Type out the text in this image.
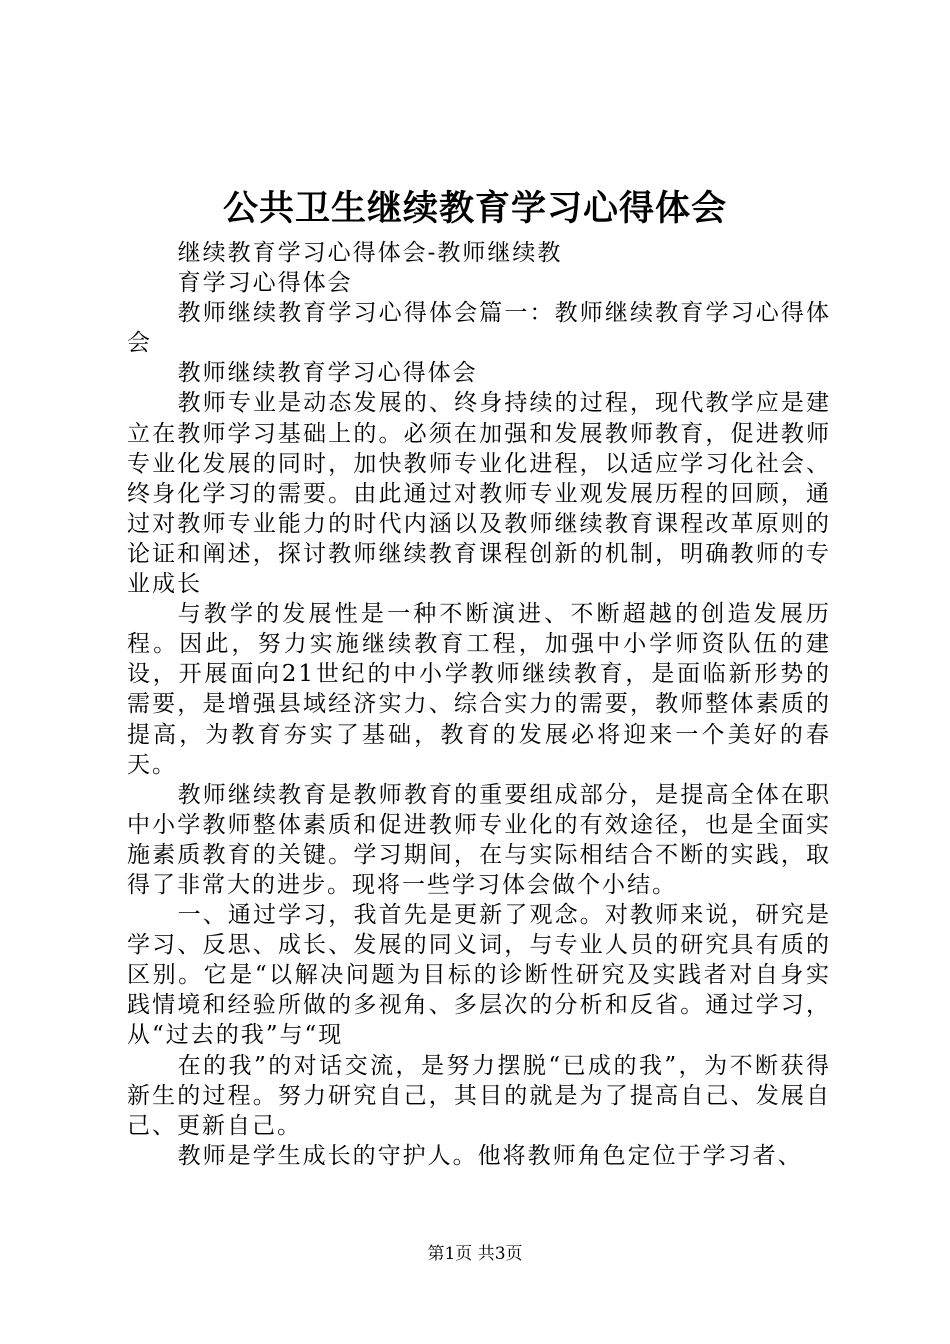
公共卫生继续教育学习心得体会

继续教育学习心得体会-教师继续教

育学习心得体会

教师继续教育学习心得体会篇一：教师继续教育学习心得体会

教师继续教育学习心得体会

教师专业是动态发展的、终身持续的过程，现代教学应是建立在教师学习基础上的。必须在加强和发展教师教育，促进教师专业化发展的同时，加快教师专业化进程，以适应学习化社会、终身化学习的需要。由此通过对教师专业观发展历程的回顾，通过对教师专业能力的时代内涵以及教师继续教育课程改革原则的论证和阐述，探讨教师继续教育课程创新的机制，明确教师的专业成长

与教学的发展性是一种不断演进、不断超越的创造发展历程。因此，努力实施继续教育工程，加强中小学师资队伍的建设，开展面向21世纪的中小学教师继续教育，是面临新形势的需要，是增强县域经济实力、综合实力的需要，教师整体素质的提高，为教育夯实了基础，教育的发展必将迎来一个美好的春天。

教师继续教育是教师教育的重要组成部分，是提高全体在职中小学教师整体素质和促进教师专业化的有效途径，也是全面实施素质教育的关键。学习期间，在与实际相结合不断的实践，取得了非常大的进步。现将一些学习体会做个小结。

一、通过学习，我首先是更新了观念。对教师来说，研究是学习、反思、成长、发展的同义词，与专业人员的研究具有质的区别。它是“以解决问题为目标的诊断性研究及实践者对自身实践情境和经验所做的多视角、多层次的分析和反省。通过学习，从“过去的我”与“现

在的我”的对话交流，是努力摆脱“已成的我”，为不断获得新生的过程。努力研究自己，其目的就是为了提高自己、发展自己、更新自己。

教师是学生成长的守护人。他将教师角色定位于学习者、

第1页 共3页
